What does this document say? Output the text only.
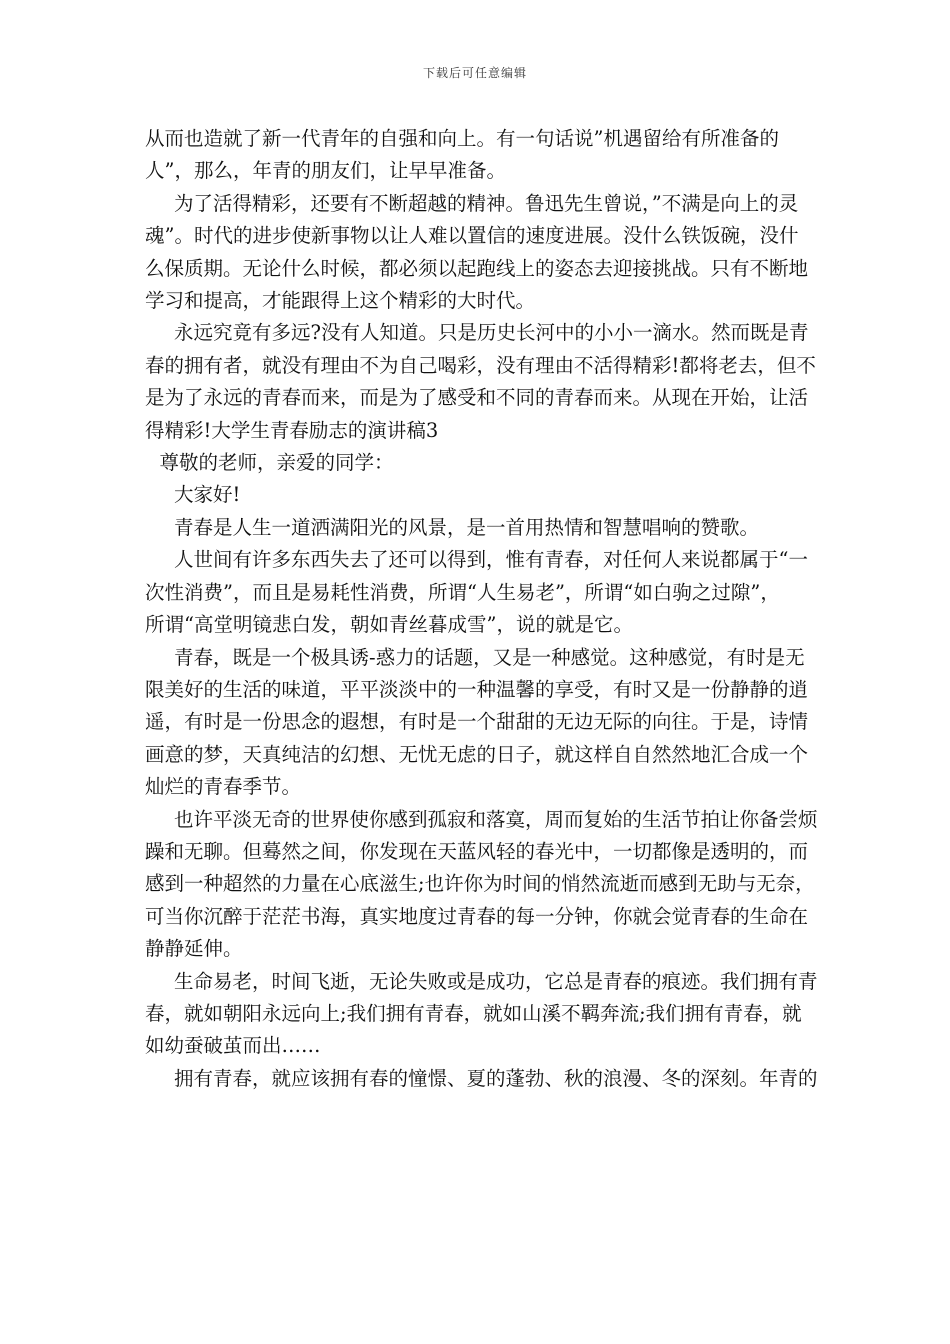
下载后可任意编辑
从而也造就了新一代青年的自强和向上。有一句话说”机遇留给有所准备的
人”，那么，年青的朋友们，让早早准备。
为了活得精彩，还要有不断超越的精神。鲁迅先生曾说，”不满是向上的灵
魂”。时代的进步使新事物以让人难以置信的速度进展。没什么铁饭碗，没什
么保质期。无论什么时候，都必须以起跑线上的姿态去迎接挑战。只有不断地
学习和提高，才能跟得上这个精彩的大时代。
永远究竟有多远?没有人知道。只是历史长河中的小小一滴水。然而既是青
春的拥有者，就没有理由不为自己喝彩，没有理由不活得精彩!都将老去，但不
是为了永远的青春而来，而是为了感受和不同的青春而来。从现在开始，让活
得精彩!大学生青春励志的演讲稿3
尊敬的老师，亲爱的同学：
大家好!
青春是人生一道洒满阳光的风景，是一首用热情和智慧唱响的赞歌。
人世间有许多东西失去了还可以得到，惟有青春，对任何人来说都属于“一
次性消费”，而且是易耗性消费，所谓“人生易老”，所谓“如白驹之过隙”，
所谓“高堂明镜悲白发，朝如青丝暮成雪”，说的就是它。
青春，既是一个极具诱-惑力的话题，又是一种感觉。这种感觉，有时是无
限美好的生活的味道，平平淡淡中的一种温馨的享受，有时又是一份静静的逍
遥，有时是一份思念的遐想，有时是一个甜甜的无边无际的向往。于是，诗情
画意的梦，天真纯洁的幻想、无忧无虑的日子，就这样自自然然地汇合成一个
灿烂的青春季节。
也许平淡无奇的世界使你感到孤寂和落寞，周而复始的生活节拍让你备尝烦
躁和无聊。但蓦然之间，你发现在天蓝风轻的春光中，一切都像是透明的，而
感到一种超然的力量在心底滋生;也许你为时间的悄然流逝而感到无助与无奈，
可当你沉醉于茫茫书海，真实地度过青春的每一分钟，你就会觉青春的生命在
静静延伸。
生命易老，时间飞逝，无论失败或是成功，它总是青春的痕迹。我们拥有青
春，就如朝阳永远向上;我们拥有青春，就如山溪不羁奔流;我们拥有青春，就
如幼蚕破茧而出……
拥有青春，就应该拥有春的憧憬、夏的蓬勃、秋的浪漫、冬的深刻。年青的
